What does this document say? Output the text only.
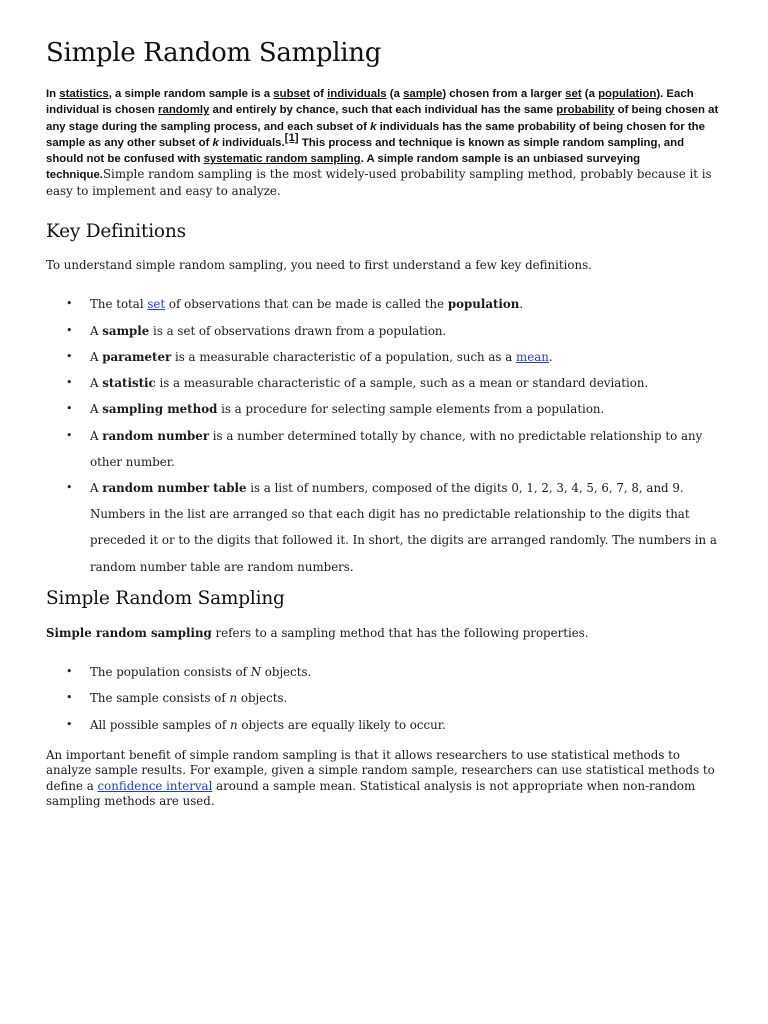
Simple Random Sampling

In statistics, a simple random sample is a subset of individuals (a sample) chosen from a larger set (a population). Each individual is chosen randomly and entirely by chance, such that each individual has the same probability of being chosen at any stage during the sampling process, and each subset of k individuals has the same probability of being chosen for the sample as any other subset of k individuals.[1] This process and technique is known as simple random sampling, and should not be confused with systematic random sampling. A simple random sample is an unbiased surveying technique.Simple random sampling is the most widely-used probability sampling method, probably because it is easy to implement and easy to analyze.

Key Definitions

To understand simple random sampling, you need to first understand a few key definitions.

• The total set of observations that can be made is called the population.
• A sample is a set of observations drawn from a population.
• A parameter is a measurable characteristic of a population, such as a mean.
• A statistic is a measurable characteristic of a sample, such as a mean or standard deviation.
• A sampling method is a procedure for selecting sample elements from a population.
• A random number is a number determined totally by chance, with no predictable relationship to any other number.
• A random number table is a list of numbers, composed of the digits 0, 1, 2, 3, 4, 5, 6, 7, 8, and 9. Numbers in the list are arranged so that each digit has no predictable relationship to the digits that preceded it or to the digits that followed it. In short, the digits are arranged randomly. The numbers in a random number table are random numbers.
Simple Random Sampling

Simple random sampling refers to a sampling method that has the following properties.

• The population consists of N objects.
• The sample consists of n objects.
• All possible samples of n objects are equally likely to occur.

An important benefit of simple random sampling is that it allows researchers to use statistical methods to analyze sample results. For example, given a simple random sample, researchers can use statistical methods to define a confidence interval around a sample mean. Statistical analysis is not appropriate when non-random sampling methods are used.
